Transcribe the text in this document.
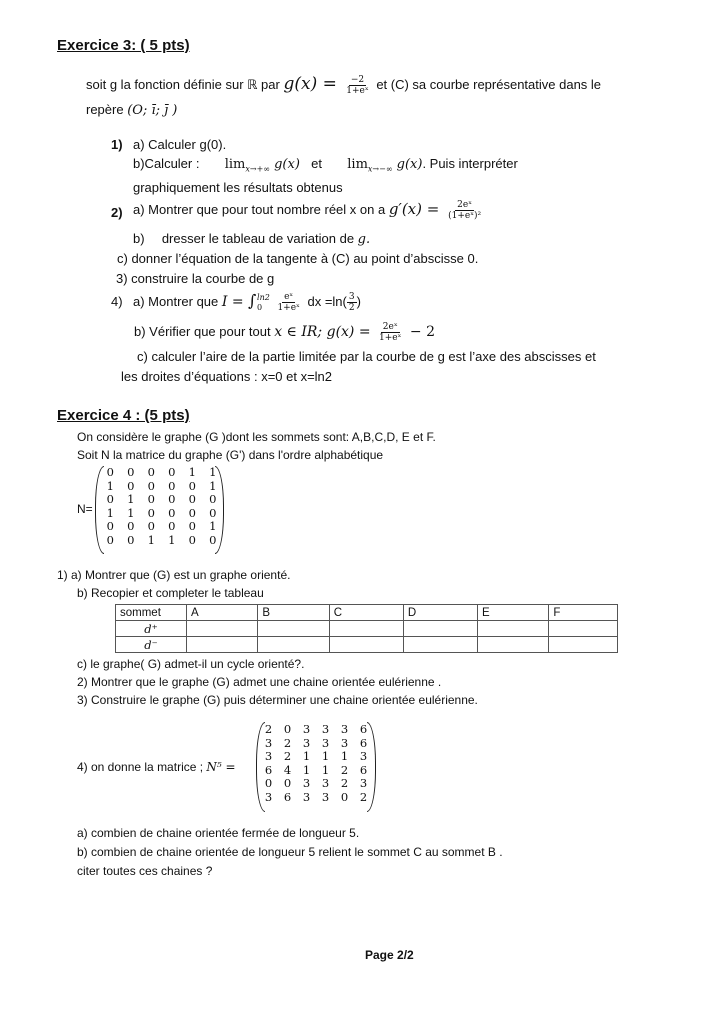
Exercice 3: ( 5 pts)
soit g la fonction définie sur ℝ par $g(x) = \frac{-2}{\text{1+eˣ}}$ et (C) sa courbe représentative dans le
repère (O; ī; j̄ )
1) a) Calculer g(0).
b)Calculer : $\lim_{x\to+\infty} g(x)$ et $\lim_{x\to-\infty} g(x)$. Puis interpréter
graphiquement les résultats obtenus
2) a) Montrer que pour tout nombre réel x on a $g'(x) = \frac{\text{2eˣ}}{\text{(1+eˣ)²}}$
b) dresser le tableau de variation de g.
c) donner l’équation de la tangente à (C) au point d’abscisse 0.
3) construire la courbe de g
4) a) Montrer que I = ∫ ln2
0
	$\frac{\text{eˣ}}{\text{1+eˣ}}$ dx $=\ln( \frac{3}{2}$ )
b) Vérifier que pour tout x ∈ IR; $g(x) = \frac{\text{2eˣ}}{\text{1+eˣ}} - 2$
c) calculer l’aire de la partie limitée par la courbe de g est l’axe des abscisses et
les droites d’équations : x=0 et x=ln2
Exercice 4 : (5 pts)
On considère le graphe (G )dont les sommets sont: A,B,C,D, E et F.
Soit N la matrice du graphe (G') dans l'ordre alphabétique
N=
0	0	0	0	1	1
1	0	0	0	0	1
0	1	0	0	0	0
1	1	0	0	0	0
0	0	0	0	0	1
0	0	1	1	0	0
1) a) Montrer que (G) est un graphe orienté.
b) Recopier et completer le tableau
sommet	A	B	C	D	E	F
d⁺						
d⁻						
c) le graphe( G) admet-il un cycle orienté?.
2) Montrer que le graphe (G) admet une chaine orientée eulérienne .
3) Construire le graphe (G) puis déterminer une chaine orientée eulérienne.
4) on donne la matrice ; N⁵ =
2	0	3	3	3	6
3	2	3	3	3	6
3	2	1	1	1	3
6	4	1	1	2	6
0	0	3	3	2	3
3	6	3	3	0	2
a) combien de chaine orientée fermée de longueur 5.
b) combien de chaine orientée de longueur 5 relient le sommet C au sommet B .
citer toutes ces chaines ?
Page 2/2
